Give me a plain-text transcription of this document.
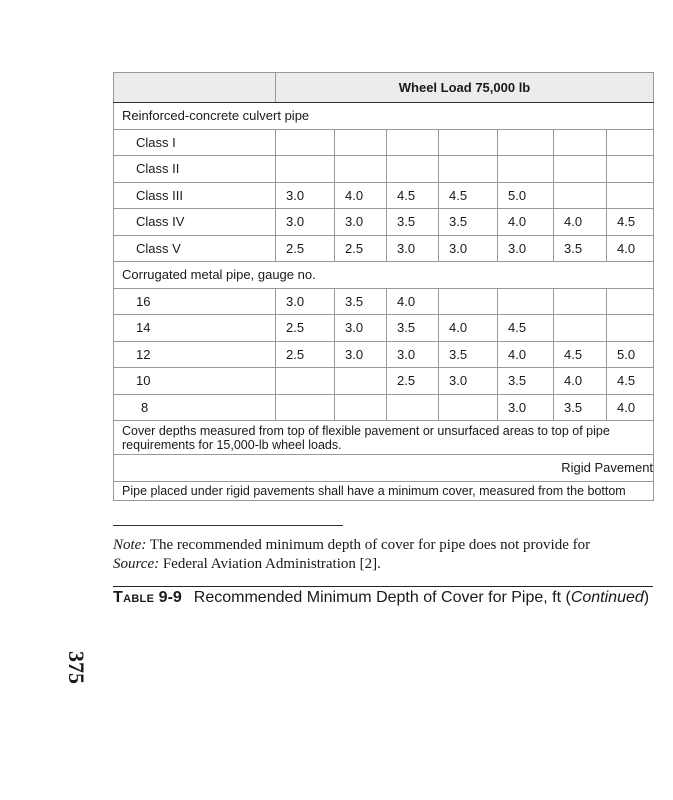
	Wheel Load 75,000 lb						
Reinforced-concrete culvert pipe							
Class I							
Class II							
Class III	3.0	4.0	4.5	4.5	5.0		
Class IV	3.0	3.0	3.5	3.5	4.0	4.0	4.5
Class V	2.5	2.5	3.0	3.0	3.0	3.5	4.0
Corrugated metal pipe, gauge no.							
16	3.0	3.5	4.0				
14	2.5	3.0	3.5	4.0	4.5		
12	2.5	3.0	3.0	3.5	4.0	4.5	5.0
10			2.5	3.0	3.5	4.0	4.5
8					3.0	3.5	4.0

Cover depths measured from top of flexible pavement or unsurfaced areas to top of pipe
requirements for 15,000-lb wheel loads.							

Rigid Pavement							
Pipe placed under rigid pavements shall have a minimum cover, measured from the bottom							
Note: The recommended minimum depth of cover for pipe does not provide for
Source: Federal Aviation Administration [2].
Table 9-9 Recommended Minimum Depth of Cover for Pipe, ft (Continued)
375
